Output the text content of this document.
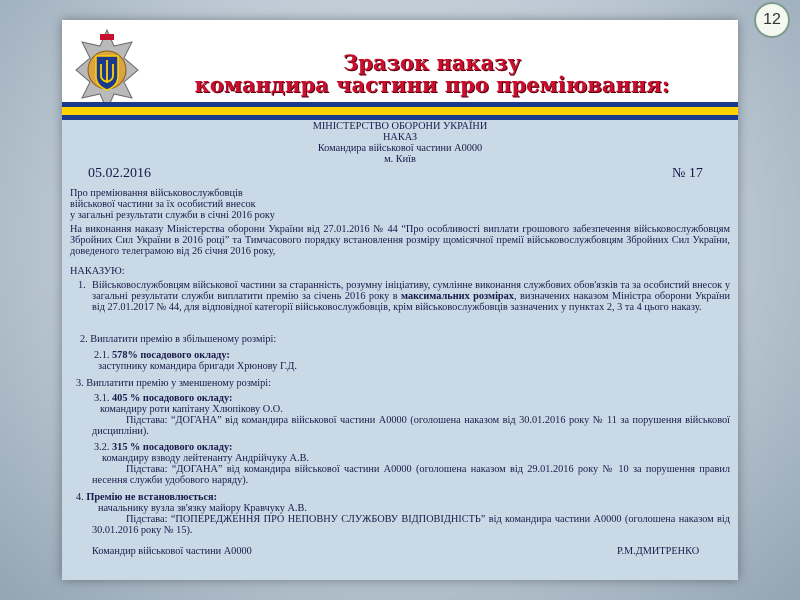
12
Зразок наказу
командира частини про преміювання:
МІНІСТЕРСТВО ОБОРОНИ УКРАЇНИ
НАКАЗ
Командира військової частини А0000
м. Київ
05.02.2016	№ 17
Про преміювання військовослужбовців
військової частини за їх особистий внесок
у загальні результати служби в січні 2016 року
На виконання наказу Міністерства оборони України від 27.01.2016 № 44 “Про особливості виплати грошового забезпечення військовослужбовцям Збройних Сил України в 2016 році” та Тимчасового порядку встановлення розміру щомісячної премії військовослужбовцям Збройних Сил України, доведеного телеграмою від 26 січня 2016 року,
НАКАЗУЮ:
1. Військовослужбовцям військової частини за старанність, розумну ініціативу, сумлінне виконання службових обов'язків та за особистий внесок у загальні результати служби виплатити премію за січень 2016 року в максимальних розмірах, визначених наказом Міністра оборони України від 27.01.2017 № 44, для відповідної категорії військовослужбовців, крім військовослужбовців зазначених у пунктах 2, 3 та 4 цього наказу.
2. Виплатити премію в збільшеному розмірі:
2.1. 578% посадового окладу:
заступнику командира бригади Хрюнову Г.Д.
3. Виплатити премію у зменшеному розмірі:
3.1. 405 % посадового окладу:
командиру роти капітану Хлюпікову О.О.
Підстава: “ДОГАНА” від командира військової частини А0000 (оголошена наказом від 30.01.2016 року № 11 за порушення військової дисципліни).
3.2. 315 % посадового окладу:
командиру взводу лейтенанту Андрійчуку А.В.
Підстава: “ДОГАНА” від командира військової частини А0000 (оголошена наказом від 29.01.2016 року № 10 за порушення правил несення служби удобового наряду).
4. Премію не встановлюється:
начальнику вузла зв'язку майору Кравчуку А.В.
Підстава: “ПОПЕРЕДЖЕННЯ ПРО НЕПОВНУ СЛУЖБОВУ ВІДПОВІДНІСТЬ” від командира частини А0000 (оголошена наказом від 30.01.2016 року № 15).
Командир військової частини А0000	Р.М.ДМИТРЕНКО
